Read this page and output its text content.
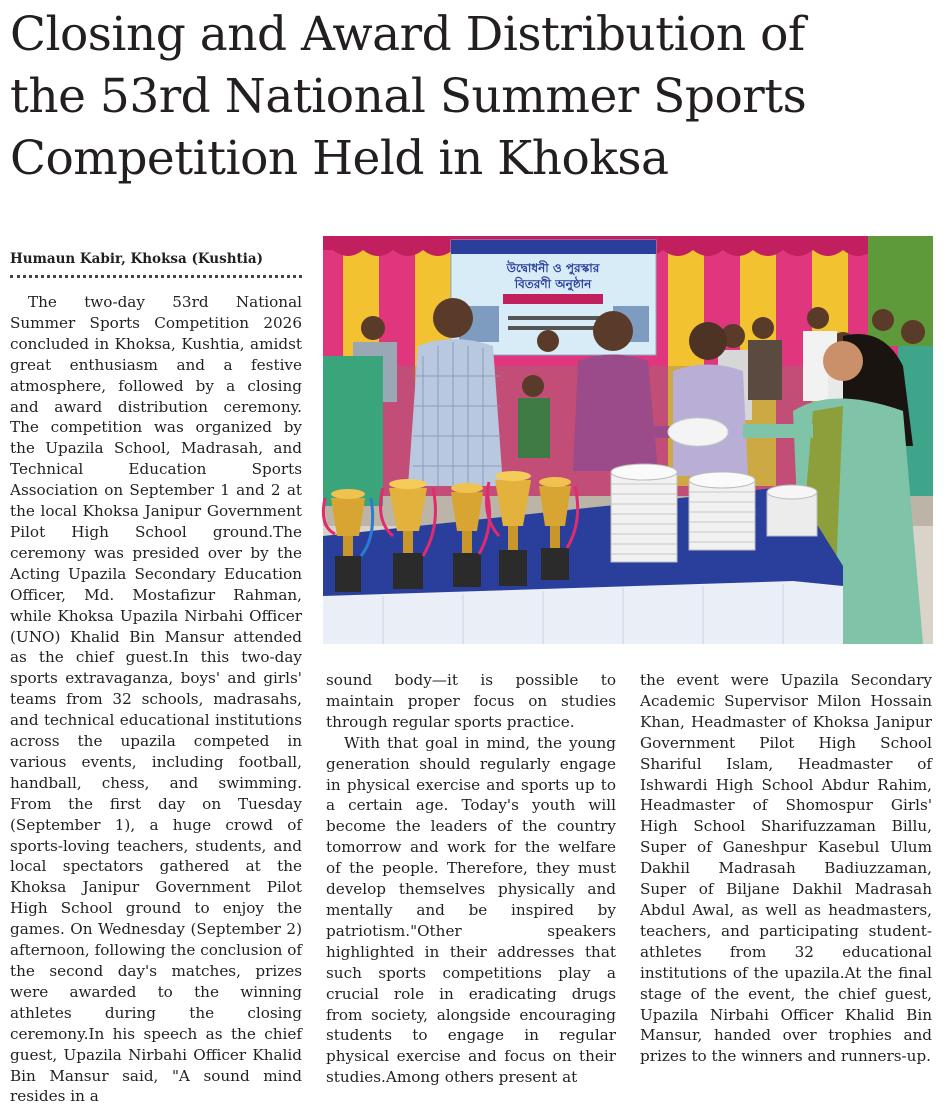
Closing and Award Distribution of
the 53rd National Summer Sports
Competition Held in Khoksa
Humaun Kabir, Khoksa (Kushtia)

The two-day 53rd National Summer Sports Competition 2026 concluded in Khoksa, Kushtia, amidst great enthusiasm and a festive atmosphere, followed by a closing and award distribution ceremony. The competition was organized by the Upazila School, Madrasah, and Technical Education Sports Association on September 1 and 2 at the local Khoksa Janipur Government Pilot High School ground.The ceremony was presided over by the Acting Upazila Secondary Education Officer, Md. Mostafizur Rahman, while Khoksa Upazila Nirbahi Officer (UNO) Khalid Bin Mansur attended as the chief guest.In this two-day sports extravaganza, boys' and girls' teams from 32 schools, madrasahs, and technical educational institutions across the upazila competed in various events, including football, handball, chess, and swimming. From the first day on Tuesday (September 1), a huge crowd of sports-loving teachers, students, and local spectators gathered at the Khoksa Janipur Government Pilot High School ground to enjoy the games. On Wednesday (September 2) afternoon, following the conclusion of the second day's matches, prizes were awarded to the winning athletes during the closing ceremony.In his speech as the chief guest, Upazila Nirbahi Officer Khalid Bin Mansur said, "A sound mind resides in a

উদ্বোধনী ও পুরস্কার
বিতরণী অনুষ্ঠান

sound body—it is possible to maintain proper focus on studies through regular sports practice.

With that goal in mind, the young generation should regularly engage in physical exercise and sports up to a certain age. Today's youth will become the leaders of the country tomorrow and work for the welfare of the people. Therefore, they must develop themselves physically and mentally and be inspired by patriotism."Other speakers highlighted in their addresses that such sports competitions play a crucial role in eradicating drugs from society, alongside encouraging students to engage in regular physical exercise and focus on their studies.Among others present at

the event were Upazila Secondary Academic Supervisor Milon Hossain Khan, Headmaster of Khoksa Janipur Government Pilot High School Shariful Islam, Headmaster of Ishwardi High School Abdur Rahim, Headmaster of Shomospur Girls' High School Sharifuzzaman Billu, Super of Ganeshpur Kasebul Ulum Dakhil Madrasah Badiuzzaman, Super of Biljane Dakhil Madrasah Abdul Awal, as well as headmasters, teachers, and participating student-athletes from 32 educational institutions of the upazila.At the final stage of the event, the chief guest, Upazila Nirbahi Officer Khalid Bin Mansur, handed over trophies and prizes to the winners and runners-up.
